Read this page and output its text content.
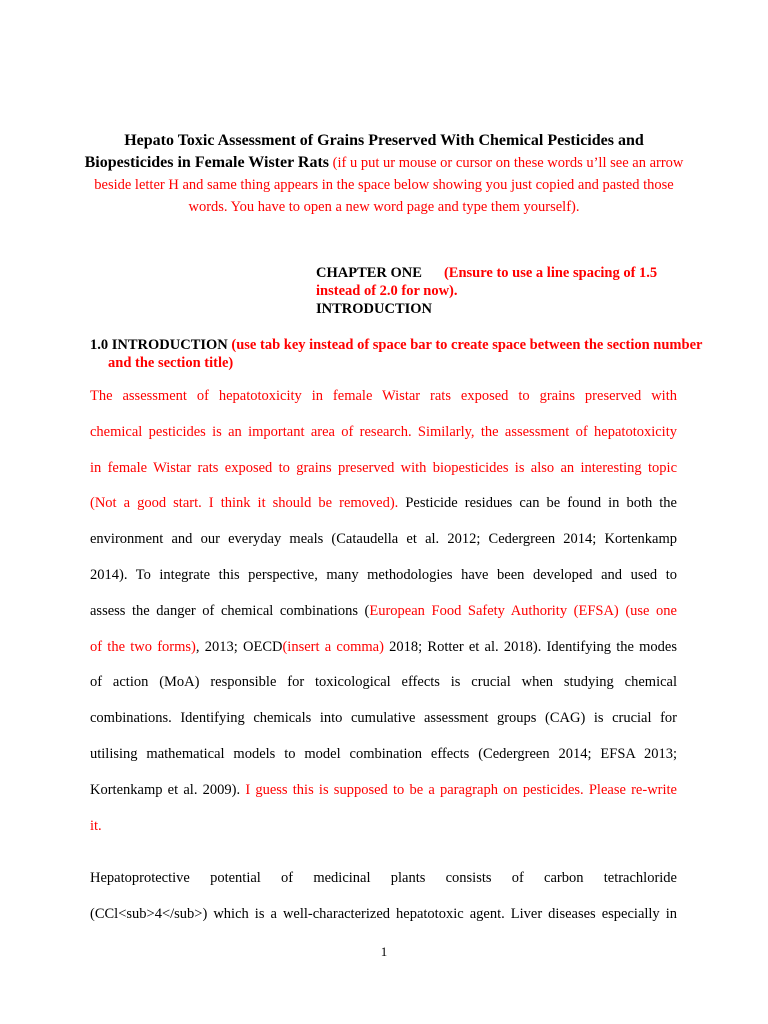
Hepato Toxic Assessment of Grains Preserved With Chemical Pesticides and
Biopesticides in Female Wister Rats (if u put ur mouse or cursor on these words u’ll see an arrow beside letter H and same thing appears in the space below showing you just copied and pasted those words. You have to open a new word page and type them yourself).
CHAPTER ONE (Ensure to use a line spacing of 1.5 instead of 2.0 for now).
INTRODUCTION
1.0 INTRODUCTION (use tab key instead of space bar to create space between the section number and the section title)
The assessment of hepatotoxicity in female Wistar rats exposed to grains preserved with
chemical pesticides is an important area of research. Similarly, the assessment of hepatotoxicity
in female Wistar rats exposed to grains preserved with biopesticides is also an interesting topic
(Not a good start. I think it should be removed). Pesticide residues can be found in both the
environment and our everyday meals (Cataudella et al. 2012; Cedergreen 2014; Kortenkamp
2014). To integrate this perspective, many methodologies have been developed and used to
assess the danger of chemical combinations (European Food Safety Authority (EFSA) (use one
of the two forms), 2013; OECD(insert a comma) 2018; Rotter et al. 2018). Identifying the modes
of action (MoA) responsible for toxicological effects is crucial when studying chemical
combinations. Identifying chemicals into cumulative assessment groups (CAG) is crucial for
utilising mathematical models to model combination effects (Cedergreen 2014; EFSA 2013;
Kortenkamp et al. 2009). I guess this is supposed to be a paragraph on pesticides. Please re-write
it.
Hepatoprotective potential of medicinal plants consists of carbon tetrachloride
(CCl<sub>4</sub>) which is a well-characterized hepatotoxic agent. Liver diseases especially in
1
